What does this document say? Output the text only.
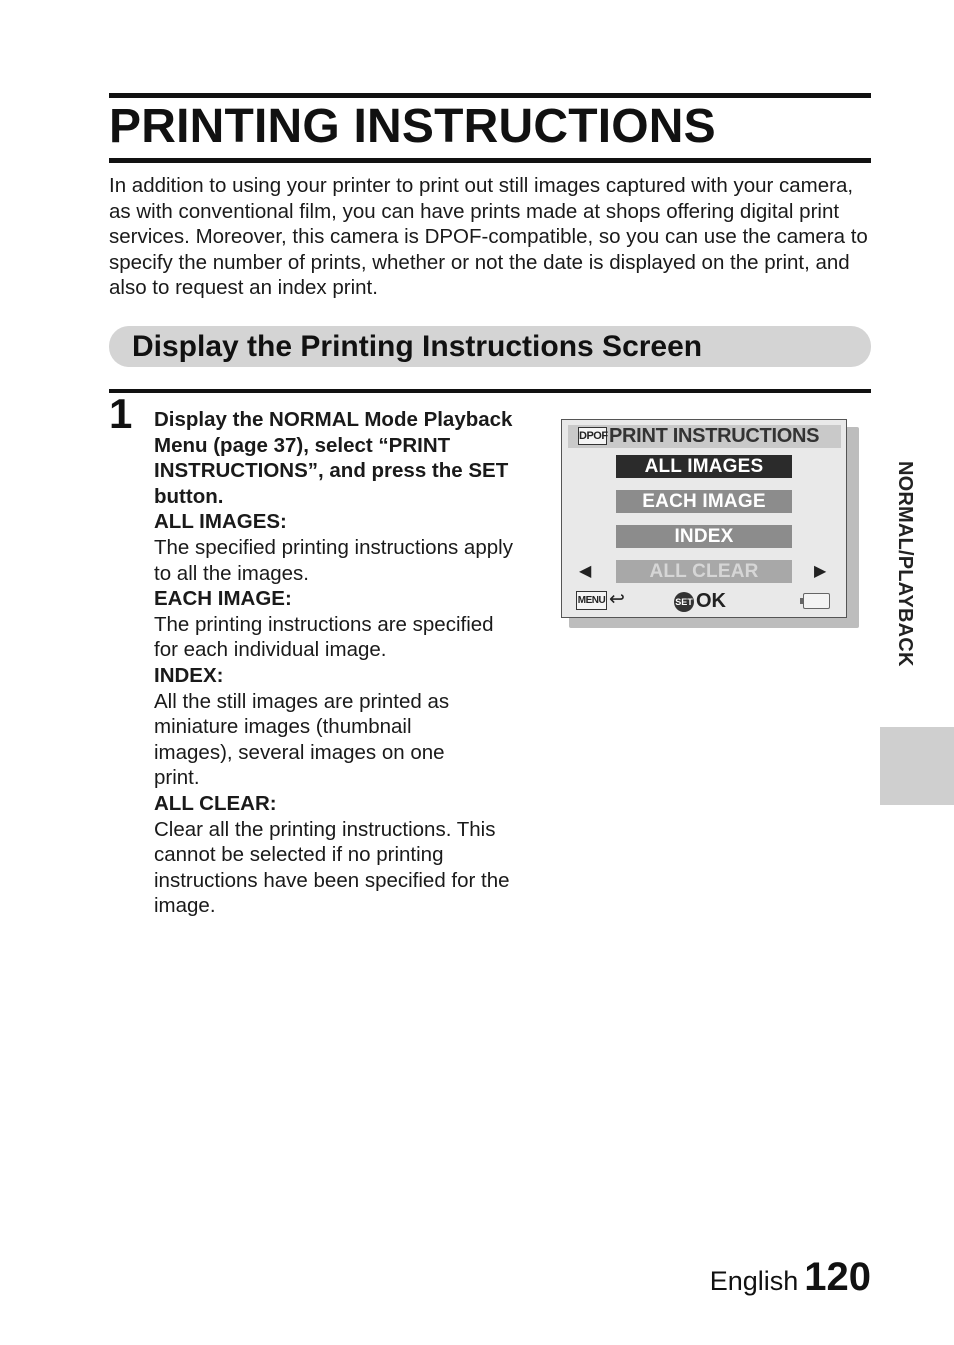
PRINTING INSTRUCTIONS

In addition to using your printer to print out still images captured with your camera, as with conventional film, you can have prints made at shops offering digital print services. Moreover, this camera is DPOF-compatible, so you can use the camera to specify the number of prints, whether or not the date is displayed on the print, and also to request an index print.

Display the Printing Instructions Screen
1 Display the NORMAL Mode Playback Menu (page 37), select “PRINT INSTRUCTIONS”, and press the SET button.

ALL IMAGES:

The specified printing instructions apply to all the images.

EACH IMAGE:

The printing instructions are specified for each individual image.

INDEX:

All the still images are printed as miniature images (thumbnail images), several images on one print.

ALL CLEAR:

Clear all the printing instructions. This cannot be selected if no printing instructions have been specified for the image.

DPOF PRINT INSTRUCTIONS
ALL IMAGES
EACH IMAGE
INDEX
◀	ALL CLEAR	▶
MENU ↩	SET OK	NORMAL/PLAYBACK
English 120
